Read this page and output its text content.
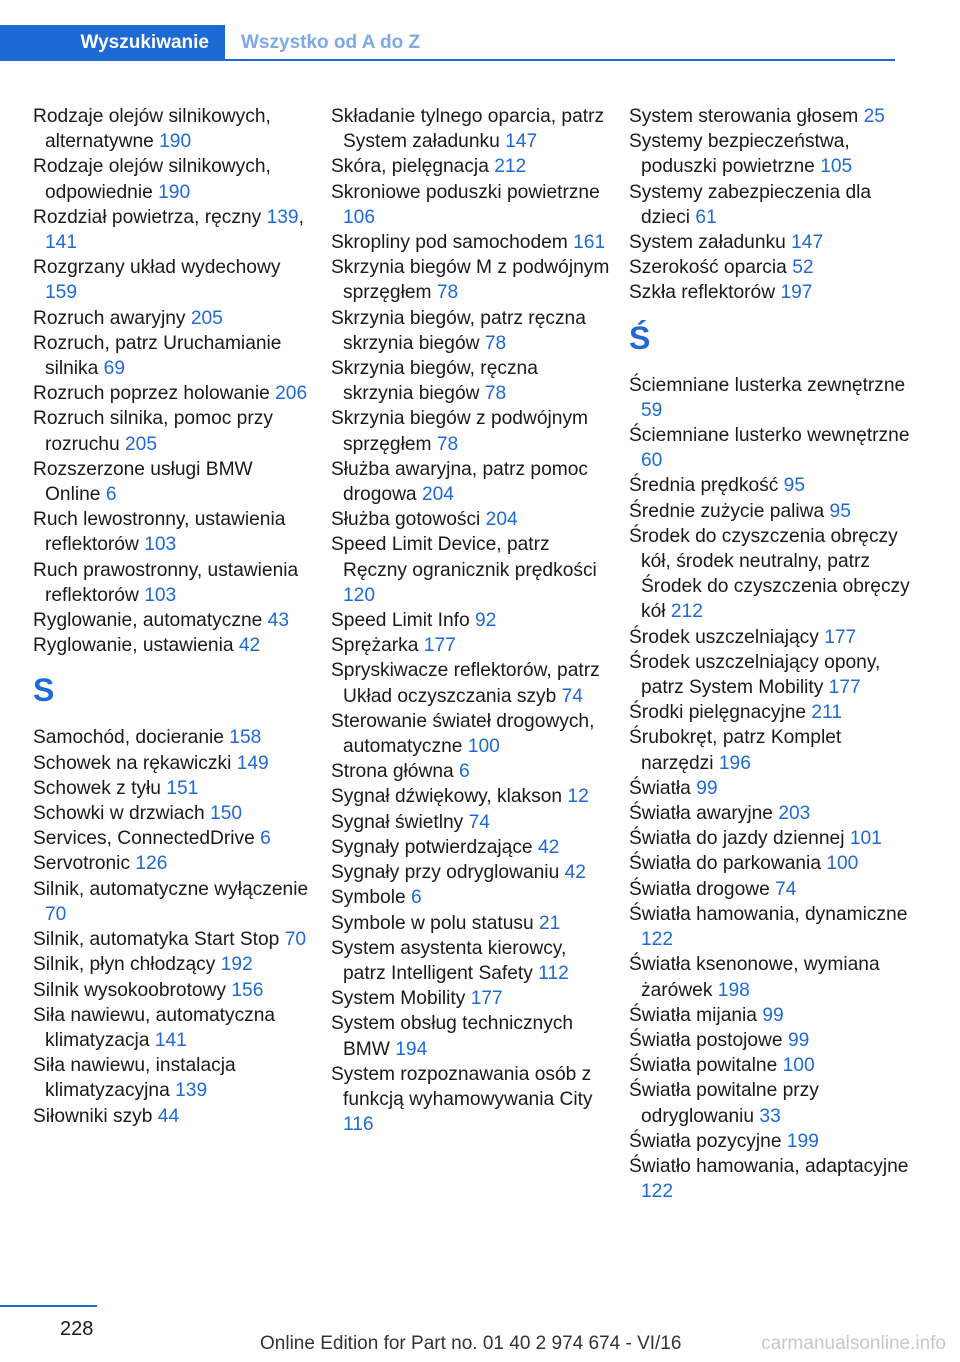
Wyszukiwanie Wszystko od A do Z

Rodzaje olejów silnikowych, alternatywne 190

Rodzaje olejów silnikowych, odpowiednie 190

Rozdział powietrza, ręczny 139, 141

Rozgrzany układ wydechowy 159

Rozruch awaryjny 205

Rozruch, patrz Uruchamianie silnika 69

Rozruch poprzez holowanie 206

Rozruch silnika, pomoc przy rozruchu 205

Rozszerzone usługi BMW Online 6

Ruch lewostronny, ustawienia reflektorów 103

Ruch prawostronny, ustawienia reflektorów 103

Ryglowanie, automatyczne 43

Ryglowanie, ustawienia 42

S

Samochód, docieranie 158

Schowek na rękawiczki 149

Schowek z tyłu 151

Schowki w drzwiach 150

Services, ConnectedDrive 6

Servotronic 126

Silnik, automatyczne wyłączenie 70

Silnik, automatyka Start Stop 70

Silnik, płyn chłodzący 192

Silnik wysokoobrotowy 156

Siła nawiewu, automatyczna klimatyzacja 141

Siła nawiewu, instalacja klimatyzacyjna 139

Siłowniki szyb 44

Składanie tylnego oparcia, patrz System załadunku 147

Skóra, pielęgnacja 212

Skroniowe poduszki powietrzne 106

Skropliny pod samochodem 161

Skrzynia biegów M z podwójnym sprzęgłem 78

Skrzynia biegów, patrz ręczna skrzynia biegów 78

Skrzynia biegów, ręczna skrzynia biegów 78

Skrzynia biegów z podwójnym sprzęgłem 78

Służba awaryjna, patrz pomoc drogowa 204

Służba gotowości 204

Speed Limit Device, patrz Ręczny ogranicznik prędkości 120

Speed Limit Info 92

Sprężarka 177

Spryskiwacze reflektorów, patrz Układ oczyszczania szyb 74

Sterowanie świateł drogowych, automatyczne 100

Strona główna 6

Sygnał dźwiękowy, klakson 12

Sygnał świetlny 74

Sygnały potwierdzające 42

Sygnały przy odryglowaniu 42

Symbole 6

Symbole w polu statusu 21

System asystenta kierowcy, patrz Intelligent Safety 112

System Mobility 177

System obsług technicznych BMW 194

System rozpoznawania osób z funkcją wyhamowywania City 116

System sterowania głosem 25

Systemy bezpieczeństwa, poduszki powietrzne 105

Systemy zabezpieczenia dla dzieci 61

System załadunku 147

Szerokość oparcia 52

Szkła reflektorów 197

Ś

Ściemniane lusterka zewnętrzne 59

Ściemniane lusterko wewnętrzne 60

Średnia prędkość 95

Średnie zużycie paliwa 95

Środek do czyszczenia obręczy kół, środek neutralny, patrz Środek do czyszczenia obręczy kół 212

Środek uszczelniający 177

Środek uszczelniający opony, patrz System Mobility 177

Środki pielęgnacyjne 211

Śrubokręt, patrz Komplet narzędzi 196

Światła 99

Światła awaryjne 203

Światła do jazdy dziennej 101

Światła do parkowania 100

Światła drogowe 74

Światła hamowania, dynamiczne 122

Światła ksenonowe, wymiana żarówek 198

Światła mijania 99

Światła postojowe 99

Światła powitalne 100

Światła powitalne przy odryglowaniu 33

Światła pozycyjne 199

Światło hamowania, adaptacyjne 122

228
Online Edition for Part no. 01 40 2 974 674 - VI/16	carmanualsonline.info
